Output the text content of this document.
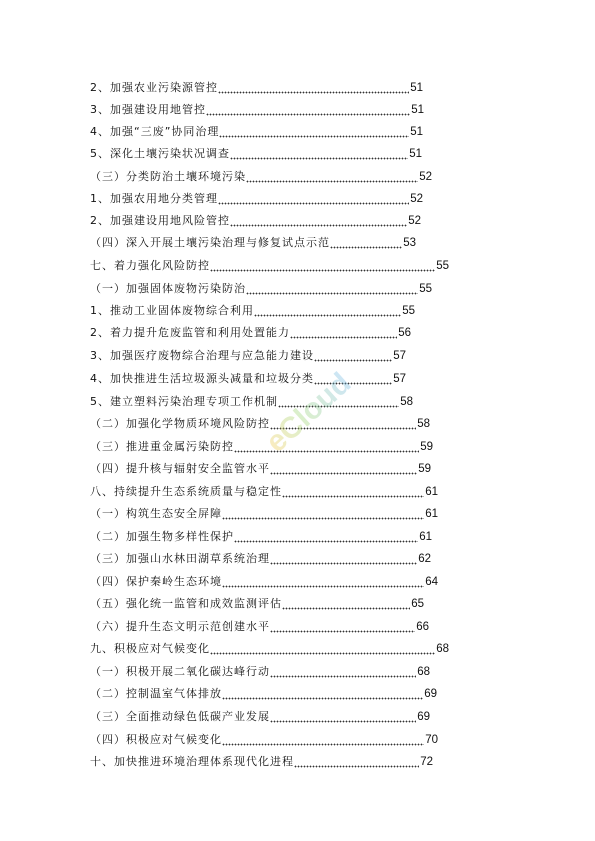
2、加强农业污染源管控	51
3、加强建设用地管控	51
4、加强“三废”协同治理	51
5、深化土壤污染状况调查	51
（三）分类防治土壤环境污染	52
1、加强农用地分类管理	52
2、加强建设用地风险管控	52
（四）深入开展土壤污染治理与修复试点示范	53
七、着力强化风险防控	55
（一）加强固体废物污染防治	55
1、推动工业固体废物综合利用	55
2、着力提升危废监管和利用处置能力	56
3、加强医疗废物综合治理与应急能力建设	57
4、加快推进生活垃圾源头减量和垃圾分类	57
5、建立塑料污染治理专项工作机制	58
（二）加强化学物质环境风险防控	58
（三）推进重金属污染防控	59
（四）提升核与辐射安全监管水平	59
八、持续提升生态系统质量与稳定性	61
（一）构筑生态安全屏障	61
（二）加强生物多样性保护	61
（三）加强山水林田湖草系统治理	62
（四）保护秦岭生态环境	64
（五）强化统一监管和成效监测评估	65
（六）提升生态文明示范创建水平	66
九、积极应对气候变化	68
（一）积极开展二氧化碳达峰行动	68
（二）控制温室气体排放	69
（三）全面推动绿色低碳产业发展	69
（四）积极应对气候变化	70
十、加快推进环境治理体系现代化进程	72
eCloud
